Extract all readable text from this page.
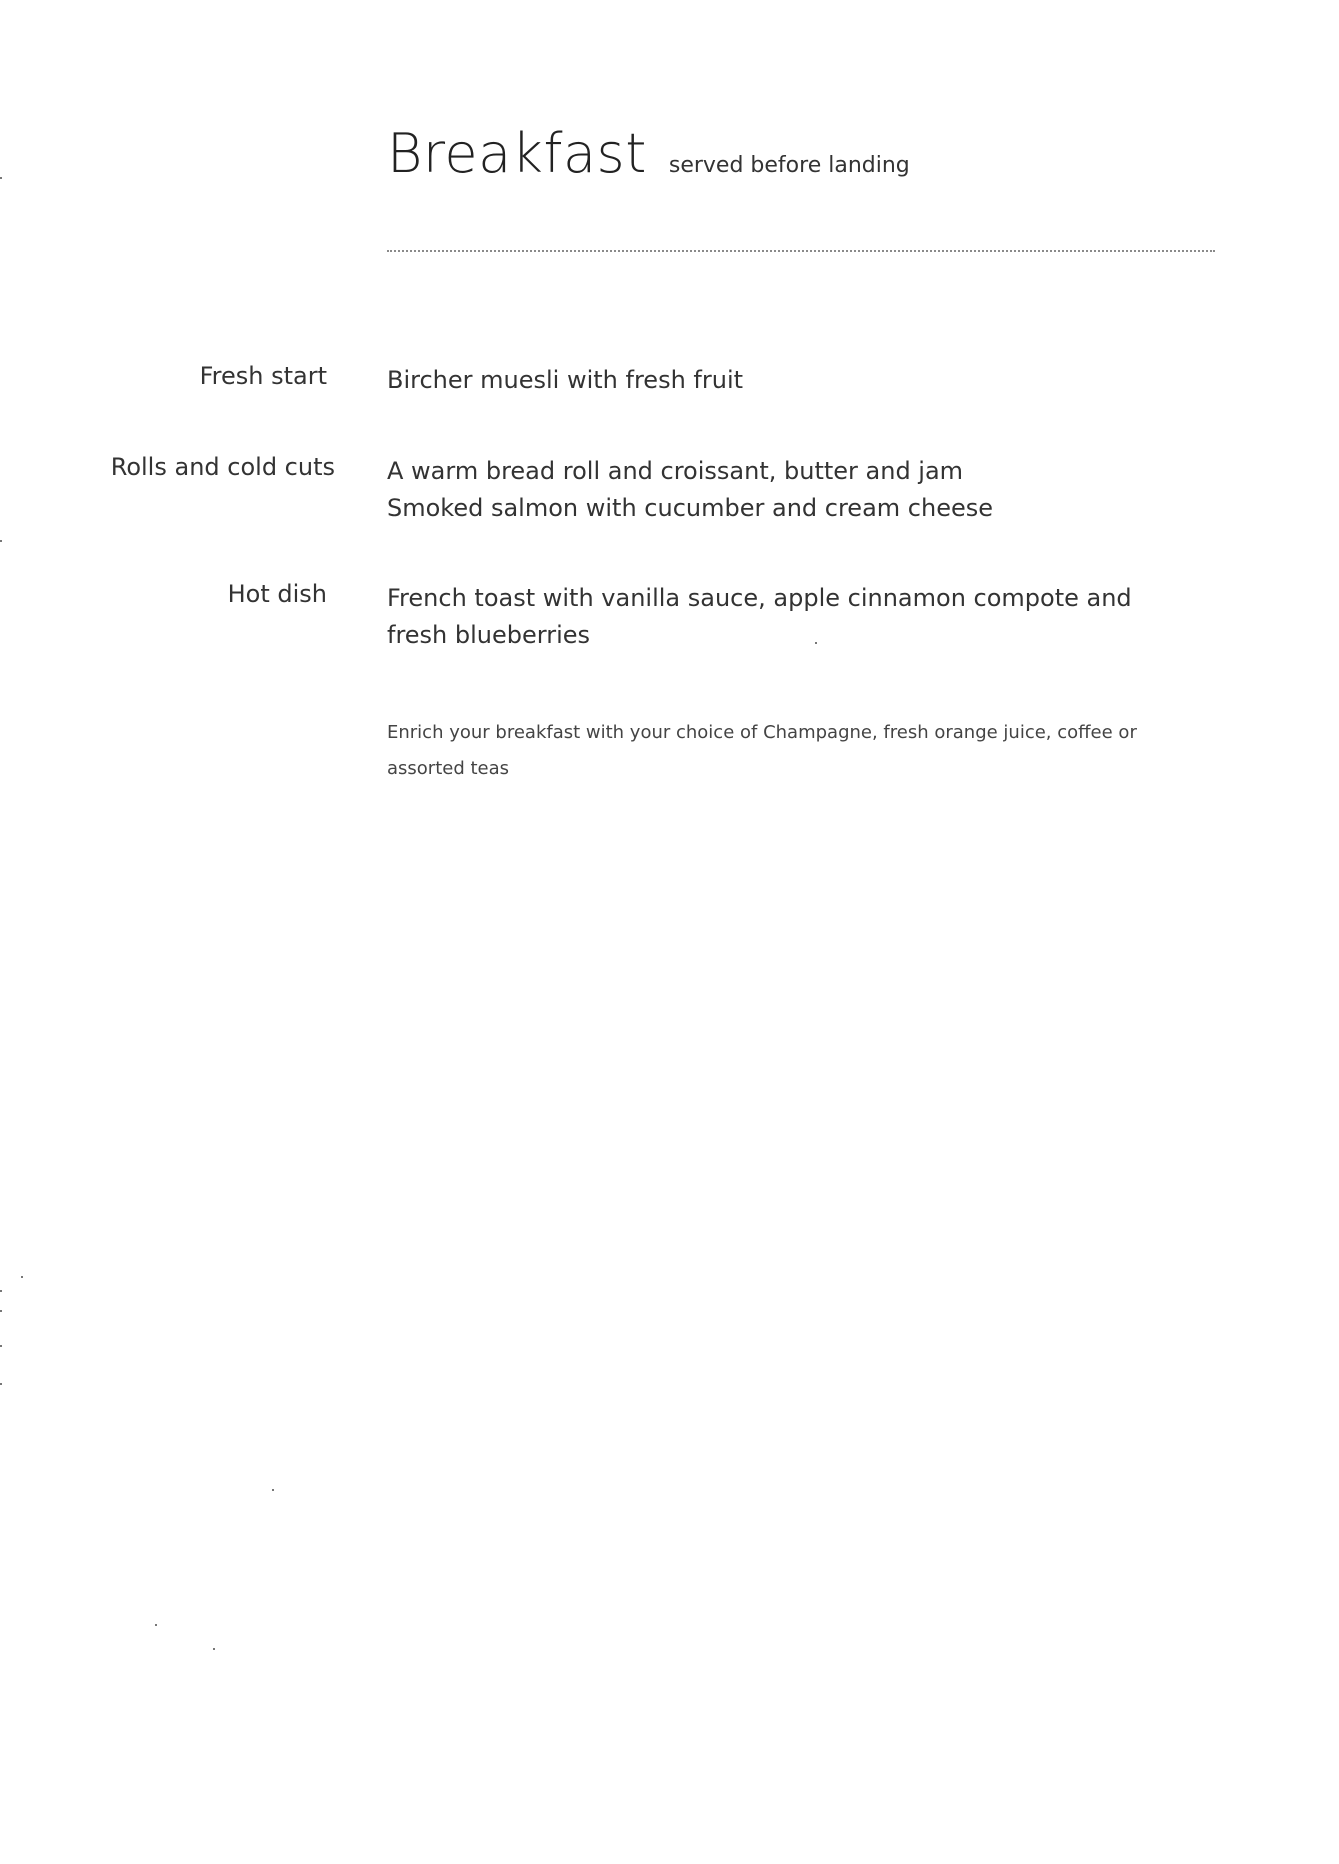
Breakfast served before landing
Fresh start	Bircher muesli with fresh fruit
Rolls and cold cuts A warm bread roll and croissant, butter and jam
Smoked salmon with cucumber and cream cheese
Hot dish	French toast with vanilla sauce, apple cinnamon compote and fresh blueberries
Enrich your breakfast with your choice of Champagne, fresh orange juice, coffee or assorted teas
